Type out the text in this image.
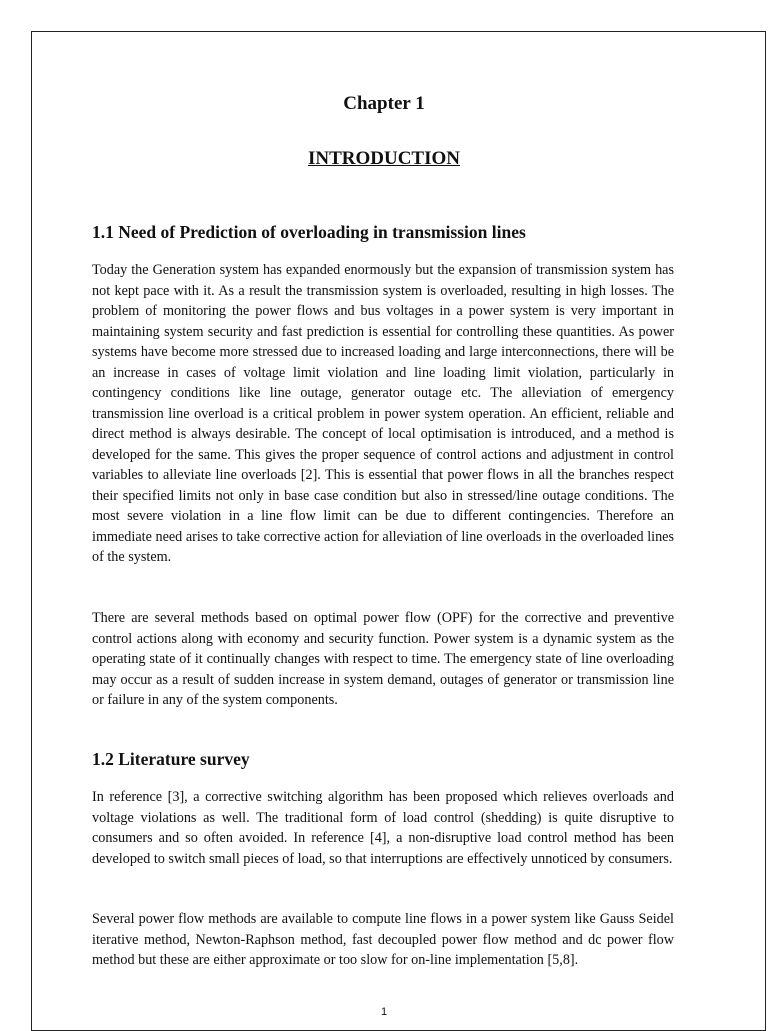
Chapter 1
INTRODUCTION
1.1 Need of Prediction of overloading in transmission lines

Today the Generation system has expanded enormously but the expansion of transmission system has not kept pace with it. As a result the transmission system is overloaded, resulting in high losses. The problem of monitoring the power flows and bus voltages in a power system is very important in maintaining system security and fast prediction is essential for controlling these quantities. As power systems have become more stressed due to increased loading and large interconnections, there will be an increase in cases of voltage limit violation and line loading limit violation, particularly in contingency conditions like line outage, generator outage etc. The alleviation of emergency transmission line overload is a critical problem in power system operation. An efficient, reliable and direct method is always desirable. The concept of local optimisation is introduced, and a method is developed for the same. This gives the proper sequence of control actions and adjustment in control variables to alleviate line overloads [2]. This is essential that power flows in all the branches respect their specified limits not only in base case condition but also in stressed/line outage conditions. The most severe violation in a line flow limit can be due to different contingencies. Therefore an immediate need arises to take corrective action for alleviation of line overloads in the overloaded lines of the system.

There are several methods based on optimal power flow (OPF) for the corrective and preventive control actions along with economy and security function. Power system is a dynamic system as the operating state of it continually changes with respect to time. The emergency state of line overloading may occur as a result of sudden increase in system demand, outages of generator or transmission line or failure in any of the system components.

1.2 Literature survey

In reference [3], a corrective switching algorithm has been proposed which relieves overloads and voltage violations as well. The traditional form of load control (shedding) is quite disruptive to consumers and so often avoided. In reference [4], a non-disruptive load control method has been developed to switch small pieces of load, so that interruptions are effectively unnoticed by consumers.

Several power flow methods are available to compute line flows in a power system like Gauss Seidel iterative method, Newton-Raphson method, fast decoupled power flow method and dc power flow method but these are either approximate or too slow for on-line implementation [5,8].

1
